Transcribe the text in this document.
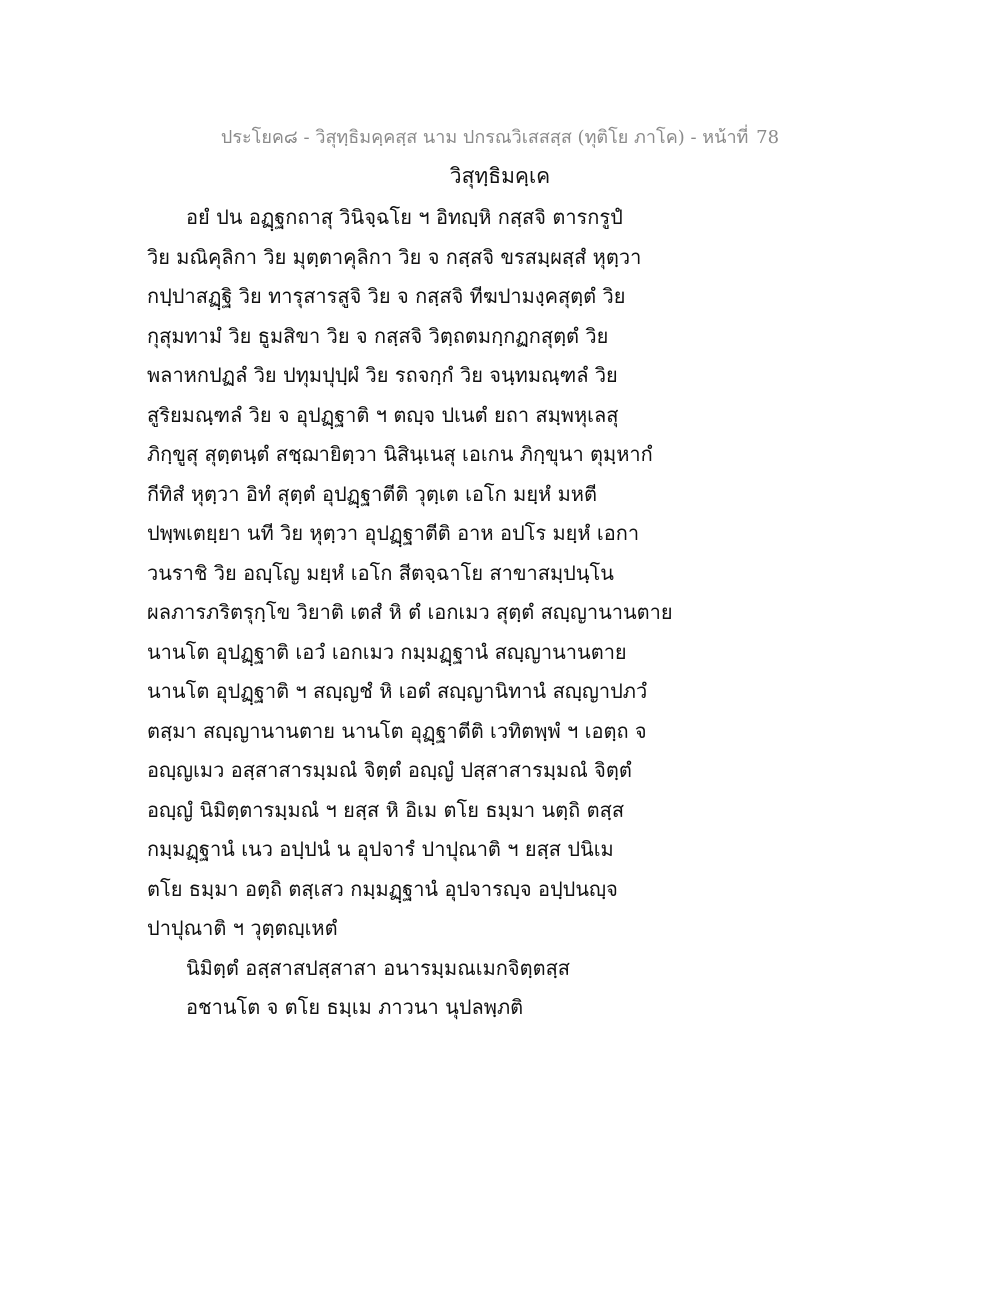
ประโยค๘ - วิสุทฺธิมคฺคสฺส นาม ปกรณวิเสสสฺส (ทุติโย ภาโค) - หน้าที่ 78
วิสุทฺธิมคฺเค
อยํ ปน อฏฺฐกถาสุ วินิจฺฉโย ฯ อิทญฺหิ กสฺสจิ ตารกรูปํ
วิย มณิคุลิกา วิย มุตฺตาคุลิกา วิย จ กสฺสจิ ขรสมฺผสฺสํ หุตฺวา
กปฺปาสฏฺฐิ วิย ทารุสารสูจิ วิย จ กสฺสจิ ทีฆปามงฺคสุตฺตํ วิย
กุสุมทามํ วิย ธูมสิขา วิย จ กสฺสจิ วิตฺถตมกฺกฏกสุตฺตํ วิย
พลาหกปฏลํ วิย ปทุมปุปฺผํ วิย รถจกฺกํ วิย จนฺทมณฺฑลํ วิย
สูริยมณฺฑลํ วิย จ อุปฏฺฐาติ ฯ ตญฺจ ปเนตํ ยถา สมฺพหุเลสุ
ภิกฺขูสุ สุตฺตนฺตํ สชฺฌายิตฺวา นิสินฺเนสุ เอเกน ภิกฺขุนา ตุมฺหากํ
กีทิสํ หุตฺวา อิทํ สุตฺตํ อุปฏฺฐาตีติ วุตฺเต เอโก มยฺหํ มหตี
ปพฺพเตยฺยา นที วิย หุตฺวา อุปฏฺฐาตีติ อาห อปโร มยฺหํ เอกา
วนราชิ วิย อญฺโญ มยฺหํ เอโก สีตจฺฉาโย สาขาสมฺปนฺโน
ผลภารภริตรุกฺโข วิยาติ เตสํ หิ ตํ เอกเมว สุตฺตํ สญฺญานานตาย
นานโต อุปฏฺฐาติ เอวํ เอกเมว กมฺมฏฺฐานํ สญฺญานานตาย
นานโต อุปฏฺฐาติ ฯ สญฺญชํ หิ เอตํ สญฺญานิทานํ สญฺญาปภวํ
ตสฺมา สญฺญานานตาย นานโต อุฏฺฐาตีติ เวทิตพฺพํ ฯ เอตฺถ จ
อญฺญเมว อสฺสาสารมฺมณํ จิตฺตํ อญฺญํ ปสฺสาสารมฺมณํ จิตฺตํ
อญฺญํ นิมิตฺตารมฺมณํ ฯ ยสฺส หิ อิเม ตโย ธมฺมา นตฺถิ ตสฺส
กมฺมฏฺฐานํ เนว อปฺปนํ น อุปจารํ ปาปุณาติ ฯ ยสฺส ปนิเม
ตโย ธมฺมา อตฺถิ ตสฺเสว กมฺมฏฺฐานํ อุปจารญฺจ อปฺปนญฺจ
ปาปุณาติ ฯ วุตฺตญฺเหตํ
นิมิตฺตํ อสฺสาสปสฺสาสา อนารมฺมณเมกจิตฺตสฺส
อชานโต จ ตโย ธมฺเม ภาวนา นุปลพฺภติ
